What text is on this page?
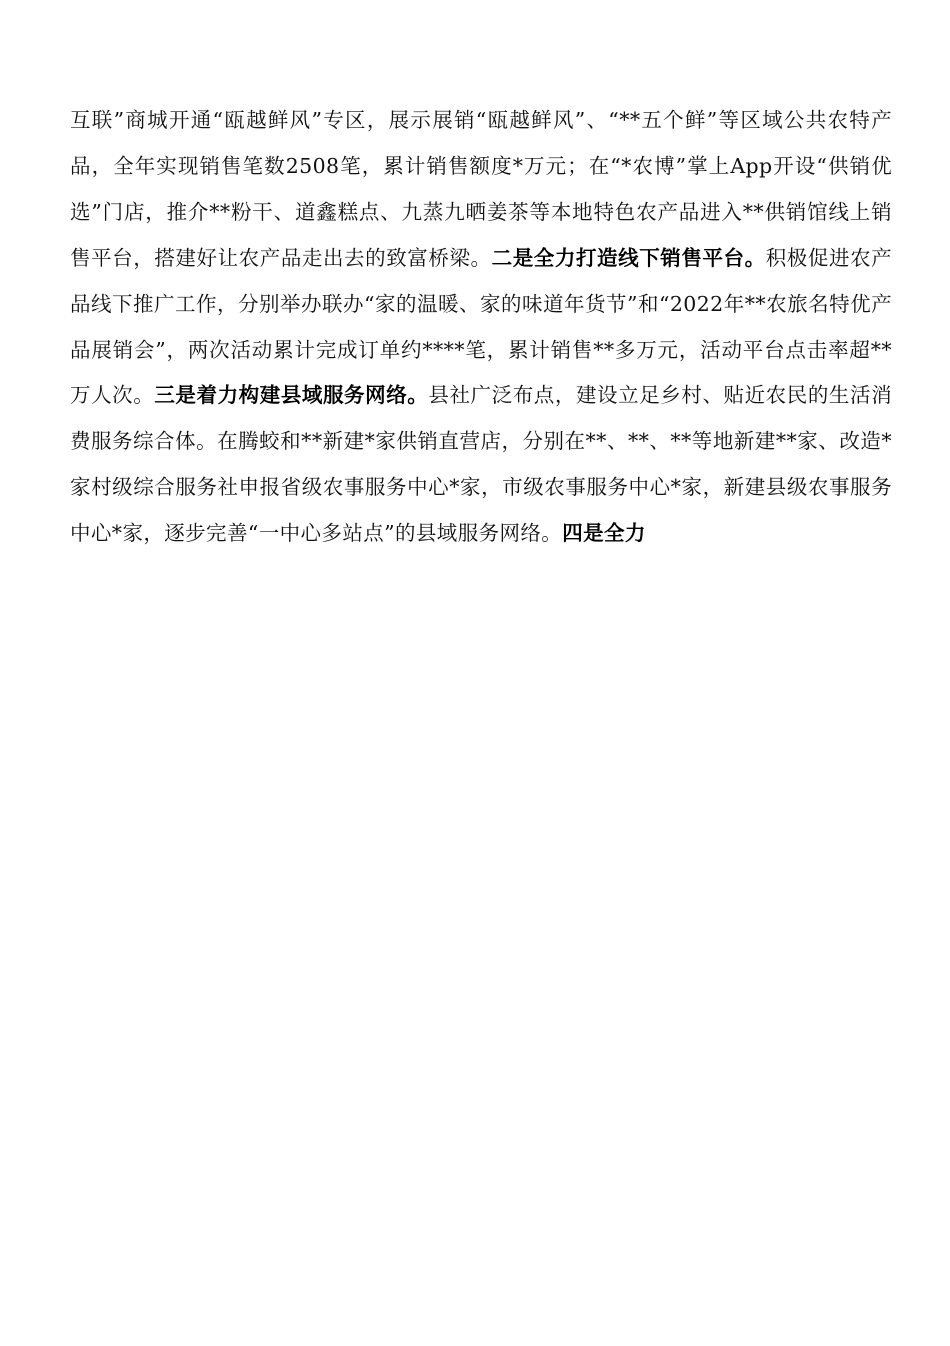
互联”商城开通“瓯越鲜风”专区，展示展销“瓯越鲜风”、“**五个鲜”等区域公共农特产品，全年实现销售笔数2508笔，累计销售额度*万元；在“*农博”掌上App开设“供销优选”门店，推介**粉干、道鑫糕点、九蒸九晒姜茶等本地特色农产品进入**供销馆线上销售平台，搭建好让农产品走出去的致富桥梁。二是全力打造线下销售平台。积极促进农产品线下推广工作，分别举办联办“家的温暖、家的味道年货节”和“2022年**农旅名特优产品展销会”，两次活动累计完成订单约****笔，累计销售**多万元，活动平台点击率超**万人次。三是着力构建县域服务网络。县社广泛布点，建设立足乡村、贴近农民的生活消费服务综合体。在腾蛟和**新建*家供销直营店，分别在**、**、**等地新建**家、改造*家村级综合服务社申报省级农事服务中心*家，市级农事服务中心*家，新建县级农事服务中心*家，逐步完善“一中心多站点”的县域服务网络。四是全力
